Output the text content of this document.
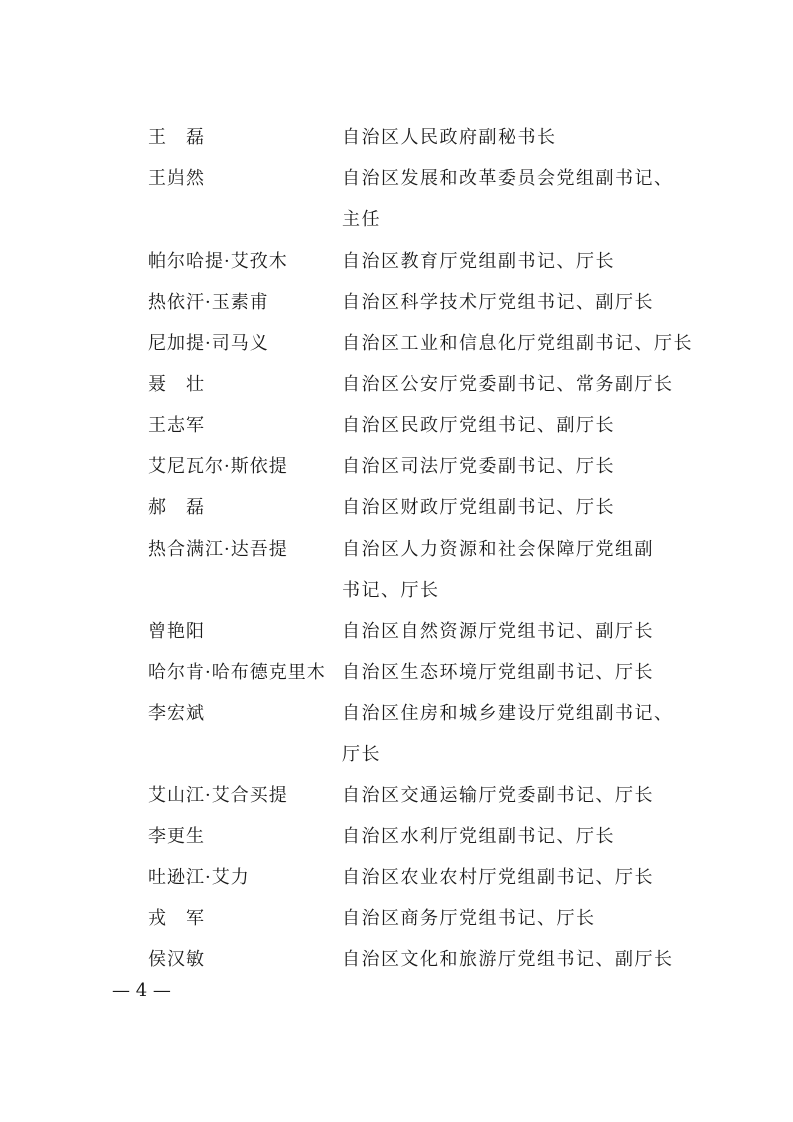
王　磊	自治区人民政府副秘书长
王岿然	自治区发展和改革委员会党组副书记、
主任
帕尔哈提·艾孜木	自治区教育厅党组副书记、厅长
热依汗·玉素甫	自治区科学技术厅党组书记、副厅长
尼加提·司马义	自治区工业和信息化厅党组副书记、厅长
聂　壮	自治区公安厅党委副书记、常务副厅长
王志军	自治区民政厅党组书记、副厅长
艾尼瓦尔·斯依提	自治区司法厅党委副书记、厅长
郝　磊	自治区财政厅党组副书记、厅长
热合满江·达吾提	自治区人力资源和社会保障厅党组副
书记、厅长
曾艳阳	自治区自然资源厅党组书记、副厅长
哈尔肯·哈布德克里木 自治区生态环境厅党组副书记、厅长
李宏斌	自治区住房和城乡建设厅党组副书记、
厅长
艾山江·艾合买提	自治区交通运输厅党委副书记、厅长
李更生	自治区水利厅党组副书记、厅长
吐逊江·艾力	自治区农业农村厅党组副书记、厅长
戎　军	自治区商务厅党组书记、厅长
侯汉敏	自治区文化和旅游厅党组书记、副厅长
— 4 —
